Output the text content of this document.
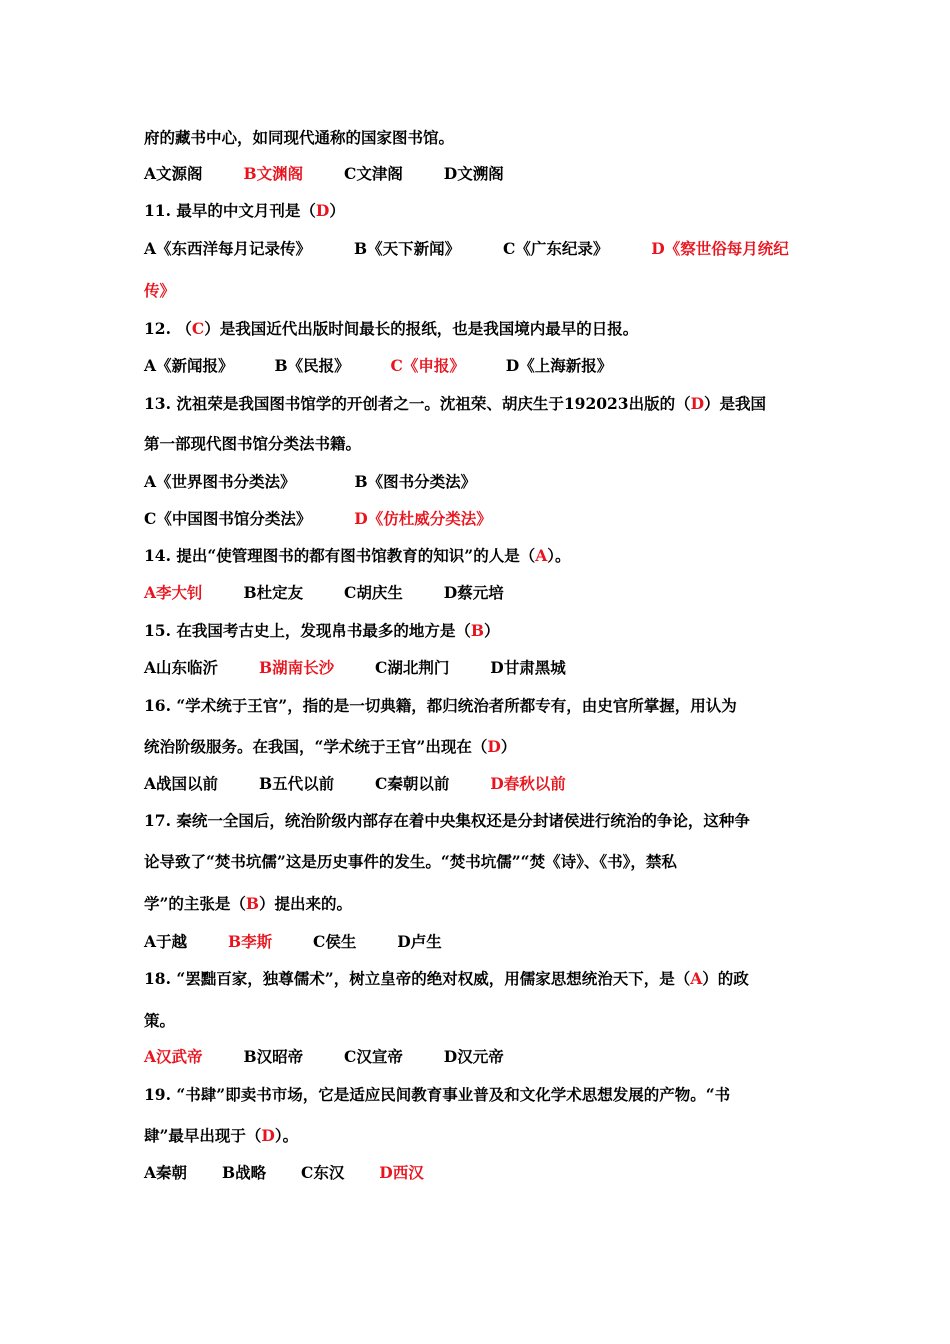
府的藏书中心，如同现代通称的国家图书馆。
A文源阁	B文渊阁	C文津阁	D文溯阁
11. 最早的中文月刊是（D）
A《东西洋每月记录传》	B《天下新闻》	C《广东纪录》	D《察世俗每月统纪
传》
12. （C）是我国近代出版时间最长的报纸，也是我国境内最早的日报。
A《新闻报》	B《民报》	C《申报》	D《上海新报》
13. 沈祖荣是我国图书馆学的开创者之一。沈祖荣、胡庆生于192023出版的（D）是我国
第一部现代图书馆分类法书籍。
A《世界图书分类法》	B《图书分类法》
C《中国图书馆分类法》	D《仿杜威分类法》
14. 提出“使管理图书的都有图书馆教育的知识”的人是（A）。
A李大钊	B杜定友	C胡庆生	D蔡元培
15. 在我国考古史上，发现帛书最多的地方是（B）
A山东临沂	B湖南长沙	C湖北荆门	D甘肃黑城
16. “学术统于王官”，指的是一切典籍，都归统治者所都专有，由史官所掌握，用认为
统治阶级服务。在我国，“学术统于王官”出现在（D）
A战国以前	B五代以前	C秦朝以前	D春秋以前
17. 秦统一全国后，统治阶级内部存在着中央集权还是分封诸侯进行统治的争论，这种争
论导致了“焚书坑儒”这是历史事件的发生。“焚书坑儒”“焚《诗》、《书》，禁私
学”的主张是（B）提出来的。
A于越	B李斯	C侯生	D卢生
18. “罢黜百家，独尊儒术”，树立皇帝的绝对权威，用儒家思想统治天下，是（A）的政
策。
A汉武帝	B汉昭帝	C汉宣帝	D汉元帝
19. “书肆”即卖书市场，它是适应民间教育事业普及和文化学术思想发展的产物。“书
肆”最早出现于（D）。
A秦朝 B战略 C东汉 D西汉
